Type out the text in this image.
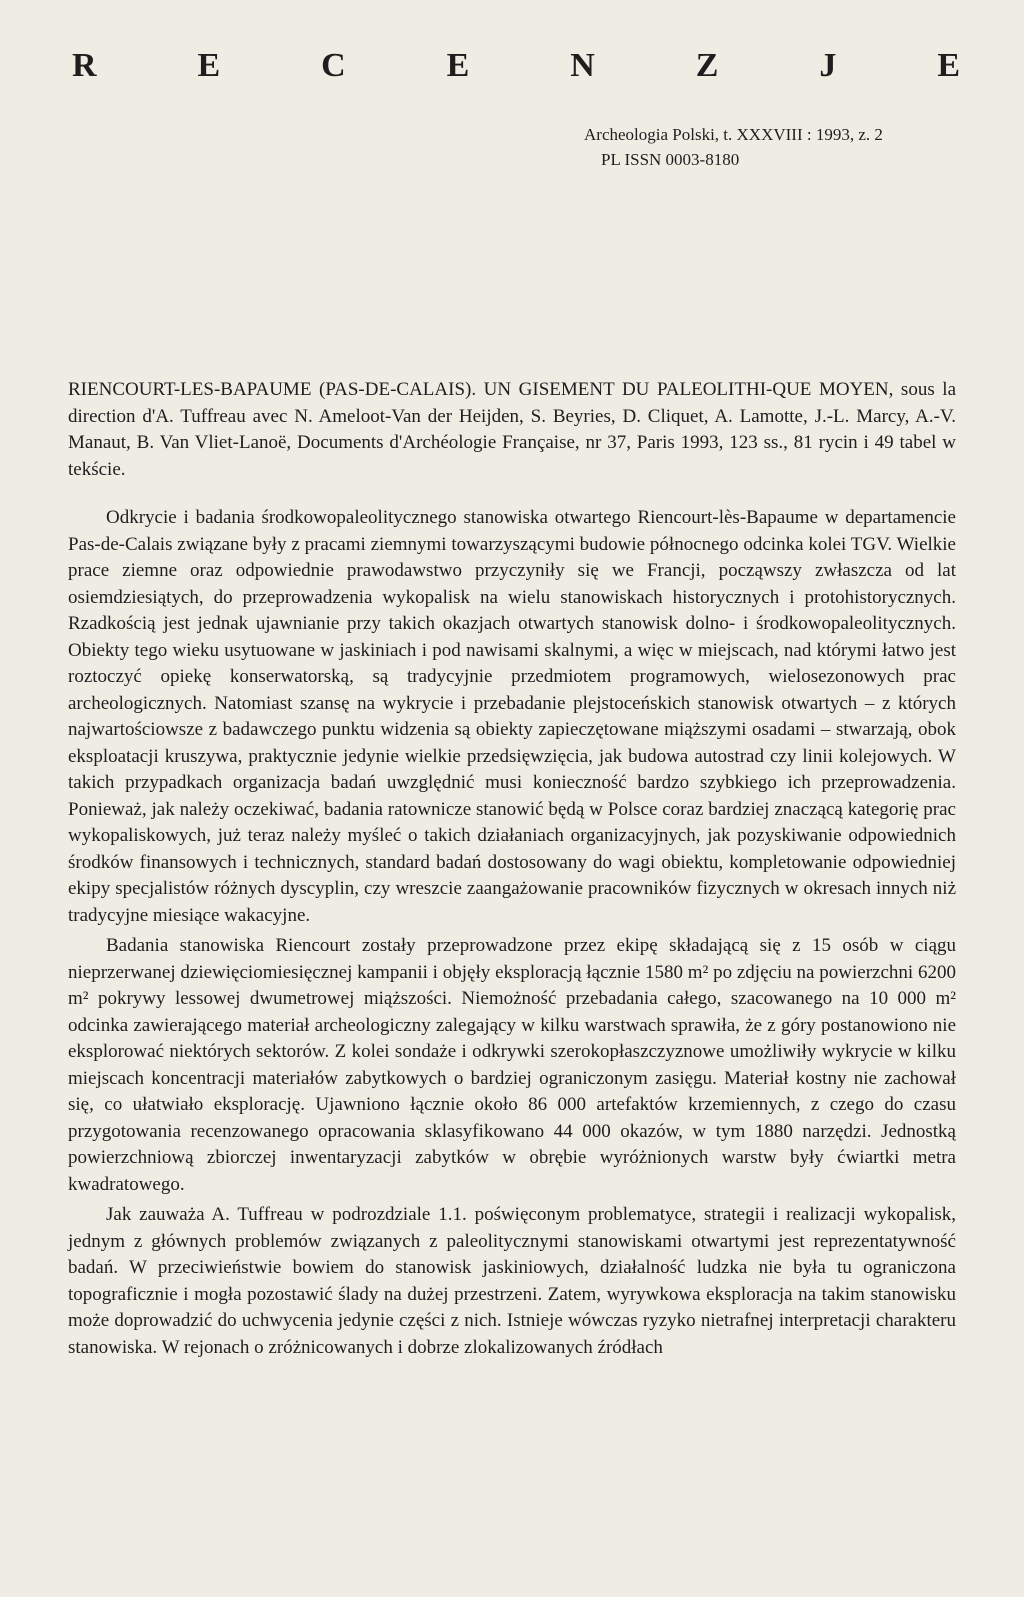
R	E	C	E	N	Z	J	E
Archeologia Polski, t. XXXVIII : 1993, z. 2
PL ISSN 0003-8180
RIENCOURT-LES-BAPAUME (PAS-DE-CALAIS). UN GISEMENT DU PALEOLITHI-QUE MOYEN, sous la direction d'A. Tuffreau avec N. Ameloot-Van der Heijden, S. Beyries, D. Cliquet, A. Lamotte, J.-L. Marcy, A.-V. Manaut, B. Van Vliet-Lanoë, Documents d'Archéologie Française, nr 37, Paris 1993, 123 ss., 81 rycin i 49 tabel w tekście.

Odkrycie i badania środkowopaleolitycznego stanowiska otwartego Riencourt-lès-Bapaume w departamencie Pas-de-Calais związane były z pracami ziemnymi towarzyszącymi budowie północnego odcinka kolei TGV. Wielkie prace ziemne oraz odpowiednie prawodawstwo przyczyniły się we Francji, począwszy zwłaszcza od lat osiemdziesiątych, do przeprowadzenia wykopalisk na wielu stanowiskach historycznych i protohistorycznych. Rzadkością jest jednak ujawnianie przy takich okazjach otwartych stanowisk dolno- i środkowopaleolitycznych. Obiekty tego wieku usytuowane w jaskiniach i pod nawisami skalnymi, a więc w miejscach, nad którymi łatwo jest roztoczyć opiekę konserwatorską, są tradycyjnie przedmiotem programowych, wielosezonowych prac archeologicznych. Natomiast szansę na wykrycie i przebadanie plejstoceńskich stanowisk otwartych – z których najwartościowsze z badawczego punktu widzenia są obiekty zapieczętowane miąższymi osadami – stwarzają, obok eksploatacji kruszywa, praktycznie jedynie wielkie przedsięwzięcia, jak budowa autostrad czy linii kolejowych. W takich przypadkach organizacja badań uwzględnić musi konieczność bardzo szybkiego ich przeprowadzenia. Ponieważ, jak należy oczekiwać, badania ratownicze stanowić będą w Polsce coraz bardziej znaczącą kategorię prac wykopaliskowych, już teraz należy myśleć o takich działaniach organizacyjnych, jak pozyskiwanie odpowiednich środków finansowych i technicznych, standard badań dostosowany do wagi obiektu, kompletowanie odpowiedniej ekipy specjalistów różnych dyscyplin, czy wreszcie zaangażowanie pracowników fizycznych w okresach innych niż tradycyjne miesiące wakacyjne.

Badania stanowiska Riencourt zostały przeprowadzone przez ekipę składającą się z 15 osób w ciągu nieprzerwanej dziewięciomiesięcznej kampanii i objęły eksploracją łącznie 1580 m² po zdjęciu na powierzchni 6200 m² pokrywy lessowej dwumetrowej miąższości. Niemożność przebadania całego, szacowanego na 10 000 m² odcinka zawierającego materiał archeologiczny zalegający w kilku warstwach sprawiła, że z góry postanowiono nie eksplorować niektórych sektorów. Z kolei sondaże i odkrywki szerokopłaszczyznowe umożliwiły wykrycie w kilku miejscach koncentracji materiałów zabytkowych o bardziej ograniczonym zasięgu. Materiał kostny nie zachował się, co ułatwiało eksplorację. Ujawniono łącznie około 86 000 artefaktów krzemiennych, z czego do czasu przygotowania recenzowanego opracowania sklasyfikowano 44 000 okazów, w tym 1880 narzędzi. Jednostką powierzchniową zbiorczej inwentaryzacji zabytków w obrębie wyróżnionych warstw były ćwiartki metra kwadratowego.

Jak zauważa A. Tuffreau w podrozdziale 1.1. poświęconym problematyce, strategii i realizacji wykopalisk, jednym z głównych problemów związanych z paleolitycznymi stanowiskami otwartymi jest reprezentatywność badań. W przeciwieństwie bowiem do stanowisk jaskiniowych, działalność ludzka nie była tu ograniczona topograficznie i mogła pozostawić ślady na dużej przestrzeni. Zatem, wyrywkowa eksploracja na takim stanowisku może doprowadzić do uchwycenia jedynie części z nich. Istnieje wówczas ryzyko nietrafnej interpretacji charakteru stanowiska. W rejonach o zróżnicowanych i dobrze zlokalizowanych źródłach
